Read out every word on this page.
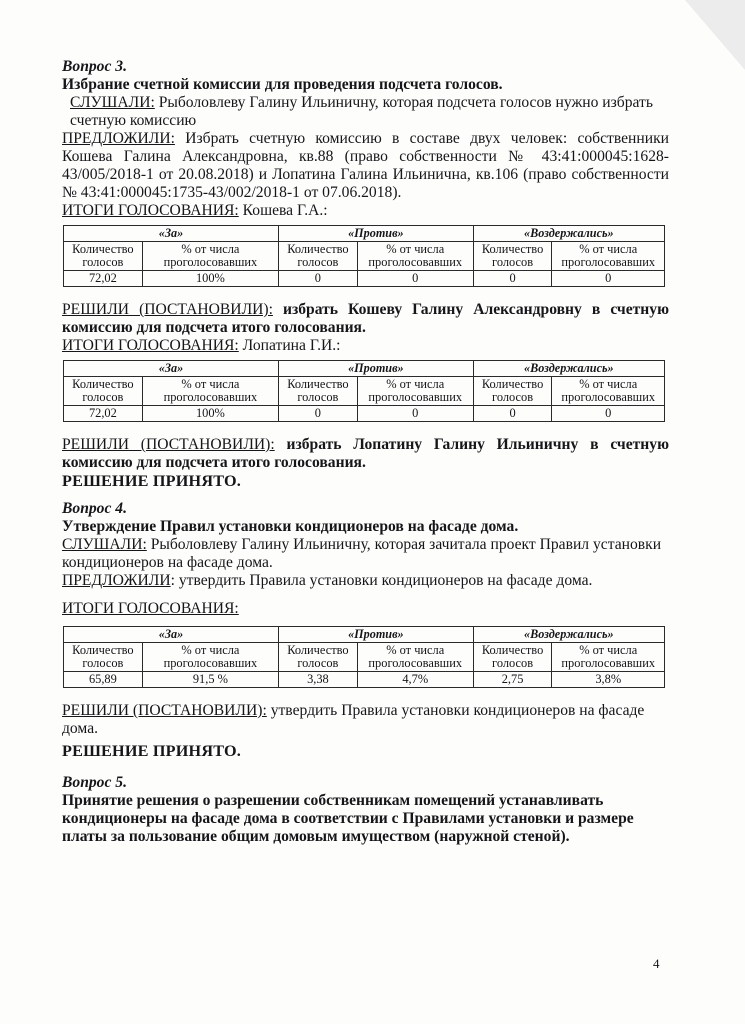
Вопрос 3.

Избрание счетной комиссии для проведения подсчета голосов.

СЛУШАЛИ: Рыболовлеву Галину Ильиничну, которая подсчета голосов нужно избрать счетную комиссию

ПРЕДЛОЖИЛИ: Избрать счетную комиссию в составе двух человек: собственники Кошева Галина Александровна, кв.88 (право собственности № 43:41:000045:1628-43/005/2018-1 от 20.08.2018) и Лопатина Галина Ильинична, кв.106 (право собственности № 43:41:000045:1735-43/002/2018-1 от 07.06.2018).

ИТОГИ ГОЛОСОВАНИЯ: Кошева Г.А.:

«За»		«Против»		«Воздержались»	
Количество голосов	% от числа проголосовавших	Количество голосов	% от числа проголосовавших	Количество голосов	% от числа проголосовавших
72,02	100%	0	0	0	0

РЕШИЛИ (ПОСТАНОВИЛИ): избрать Кошеву Галину Александровну в счетную комиссию для подсчета итого голосования.

ИТОГИ ГОЛОСОВАНИЯ: Лопатина Г.И.:

«За»		«Против»		«Воздержались»	
Количество голосов	% от числа проголосовавших	Количество голосов	% от числа проголосовавших	Количество голосов	% от числа проголосовавших
72,02	100%	0	0	0	0

РЕШИЛИ (ПОСТАНОВИЛИ): избрать Лопатину Галину Ильиничну в счетную комиссию для подсчета итого голосования.

РЕШЕНИЕ ПРИНЯТО.

Вопрос 4.

Утверждение Правил установки кондиционеров на фасаде дома.

СЛУШАЛИ: Рыболовлеву Галину Ильиничну, которая зачитала проект Правил установки кондиционеров на фасаде дома.

ПРЕДЛОЖИЛИ: утвердить Правила установки кондиционеров на фасаде дома.

ИТОГИ ГОЛОСОВАНИЯ:

«За»		«Против»		«Воздержались»	
Количество голосов	% от числа проголосовавших	Количество голосов	% от числа проголосовавших	Количество голосов	% от числа проголосовавших
65,89	91,5 %	3,38	4,7%	2,75	3,8%

РЕШИЛИ (ПОСТАНОВИЛИ): утвердить Правила установки кондиционеров на фасаде дома.

РЕШЕНИЕ ПРИНЯТО.

Вопрос 5.

Принятие решения о разрешении собственникам помещений устанавливать кондиционеры на фасаде дома в соответствии с Правилами установки и размере платы за пользование общим домовым имуществом (наружной стеной).

4
